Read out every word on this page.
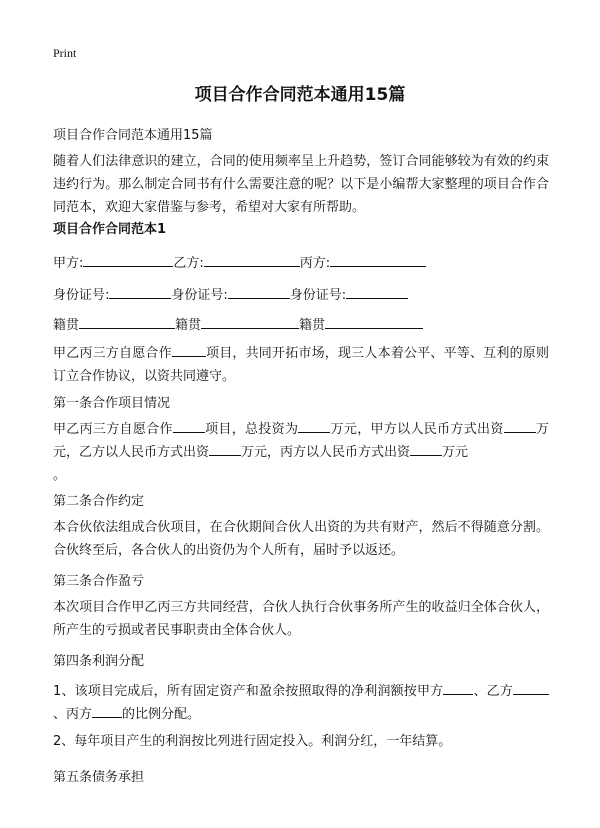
Print
项目合作合同范本通用15篇
项目合作合同范本通用15篇
随着人们法律意识的建立，合同的使用频率呈上升趋势，签订合同能够较为有效的约束违约行为。那么制定合同书有什么需要注意的呢？以下是小编帮大家整理的项目合作合同范本，欢迎大家借鉴与参考，希望对大家有所帮助。
项目合作合同范本1
甲方:	乙方:	丙方:
身份证号:	身份证号:	身份证号:
籍贯	籍贯	籍贯
甲乙丙三方自愿合作	项目，共同开拓市场，现三人本着公平、平等、互利的原则订立合作协议，以资共同遵守。
第一条合作项目情况
甲乙丙三方自愿合作 项目，总投资为 万元，甲方以人民币方式出资 万元，乙方以人民币方式出资 万元，丙方以人民币方式出资 万元
。
第二条合作约定
本合伙依法组成合伙项目，在合伙期间合伙人出资的为共有财产，然后不得随意分割。合伙终至后，各合伙人的出资仍为个人所有，届时予以返还。
第三条合作盈亏
本次项目合作甲乙丙三方共同经营，合伙人执行合伙事务所产生的收益归全体合伙人，所产生的亏损或者民事职责由全体合伙人。
第四条利润分配
1、该项目完成后，所有固定资产和盈余按照取得的净利润额按甲方 、乙方、丙方 的比例分配。
2、每年项目产生的利润按比列进行固定投入。利润分红，一年结算。
第五条债务承担
